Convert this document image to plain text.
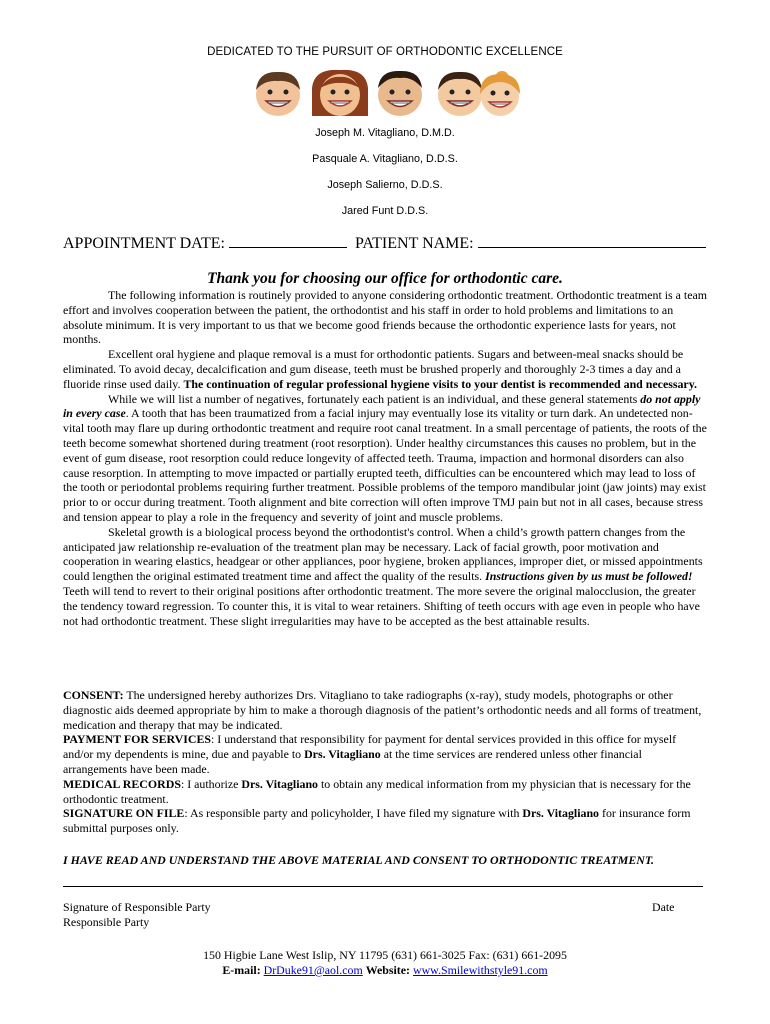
DEDICATED TO THE PURSUIT OF ORTHODONTIC EXCELLENCE
Joseph M. Vitagliano, D.M.D.
Pasquale A. Vitagliano, D.D.S.
Joseph Salierno, D.D.S.
Jared Funt D.D.S.
APPOINTMENT DATE:	PATIENT NAME:
Thank you for choosing our office for orthodontic care.

The following information is routinely provided to anyone considering orthodontic treatment. Orthodontic treatment is a team effort and involves cooperation between the patient, the orthodontist and his staff in order to hold problems and limitations to an absolute minimum. It is very important to us that we become good friends because the orthodontic experience lasts for years, not months.

Excellent oral hygiene and plaque removal is a must for orthodontic patients. Sugars and between-meal snacks should be eliminated. To avoid decay, decalcification and gum disease, teeth must be brushed properly and thoroughly 2-3 times a day and a fluoride rinse used daily. The continuation of regular professional hygiene visits to your dentist is recommended and necessary.

While we will list a number of negatives, fortunately each patient is an individual, and these general statements do not apply in every case. A tooth that has been traumatized from a facial injury may eventually lose its vitality or turn dark. An undetected non-vital tooth may flare up during orthodontic treatment and require root canal treatment. In a small percentage of patients, the roots of the teeth become somewhat shortened during treatment (root resorption). Under healthy circumstances this causes no problem, but in the event of gum disease, root resorption could reduce longevity of affected teeth. Trauma, impaction and hormonal disorders can also cause resorption. In attempting to move impacted or partially erupted teeth, difficulties can be encountered which may lead to loss of the tooth or periodontal problems requiring further treatment. Possible problems of the temporo mandibular joint (jaw joints) may exist prior to or occur during treatment. Tooth alignment and bite correction will often improve TMJ pain but not in all cases, because stress and tension appear to play a role in the frequency and severity of joint and muscle problems.

Skeletal growth is a biological process beyond the orthodontist's control. When a child’s growth pattern changes from the anticipated jaw relationship re-evaluation of the treatment plan may be necessary. Lack of facial growth, poor motivation and cooperation in wearing elastics, headgear or other appliances, poor hygiene, broken appliances, improper diet, or missed appointments could lengthen the original estimated treatment time and affect the quality of the results. Instructions given by us must be followed! Teeth will tend to revert to their original positions after orthodontic treatment. The more severe the original malocclusion, the greater the tendency toward regression. To counter this, it is vital to wear retainers. Shifting of teeth occurs with age even in people who have not had orthodontic treatment. These slight irregularities may have to be accepted as the best attainable results.

CONSENT: The undersigned hereby authorizes Drs. Vitagliano to take radiographs (x-ray), study models, photographs or other diagnostic aids deemed appropriate by him to make a thorough diagnosis of the patient’s orthodontic needs and all forms of treatment, medication and therapy that may be indicated.

PAYMENT FOR SERVICES: I understand that responsibility for payment for dental services provided in this office for myself and/or my dependents is mine, due and payable to Drs. Vitagliano at the time services are rendered unless other financial arrangements have been made.

MEDICAL RECORDS: I authorize Drs. Vitagliano to obtain any medical information from my physician that is necessary for the orthodontic treatment.

SIGNATURE ON FILE: As responsible party and policyholder, I have filed my signature with Drs. Vitagliano for insurance form submittal purposes only.

I HAVE READ AND UNDERSTAND THE ABOVE MATERIAL AND CONSENT TO ORTHODONTIC TREATMENT.
Signature of Responsible Party
Responsible Party
Date
150 Higbie Lane West Islip, NY 11795 (631) 661-3025 Fax: (631) 661-2095
E-mail: DrDuke91@aol.com Website: www.Smilewithstyle91.com
